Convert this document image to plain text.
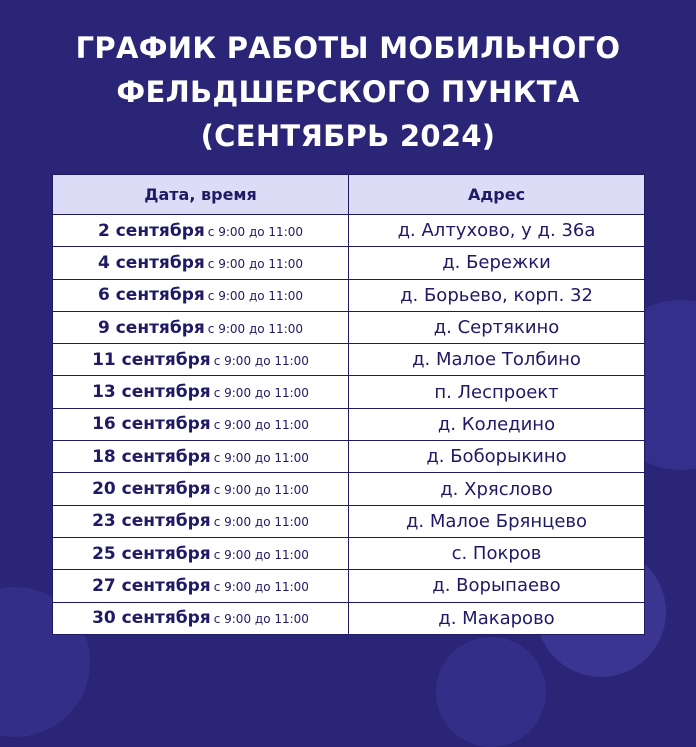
ГРАФИК РАБОТЫ МОБИЛЬНОГО
ФЕЛЬДШЕРСКОГО ПУНКТА
(СЕНТЯБРЬ 2024)
Дата, время	Адрес
2 сентября с 9:00 до 11:00	д. Алтухово, у д. 36а
4 сентября с 9:00 до 11:00	д. Бережки
6 сентября с 9:00 до 11:00	д. Борьево, корп. 32
9 сентября с 9:00 до 11:00	д. Сертякино
11 сентября с 9:00 до 11:00	д. Малое Толбино
13 сентября с 9:00 до 11:00	п. Леспроект
16 сентября с 9:00 до 11:00	д. Коледино
18 сентября с 9:00 до 11:00	д. Боборыкино
20 сентября с 9:00 до 11:00	д. Хряслово
23 сентября с 9:00 до 11:00	д. Малое Брянцево
25 сентября с 9:00 до 11:00	с. Покров
27 сентября с 9:00 до 11:00	д. Ворыпаево
30 сентября с 9:00 до 11:00	д. Макарово
